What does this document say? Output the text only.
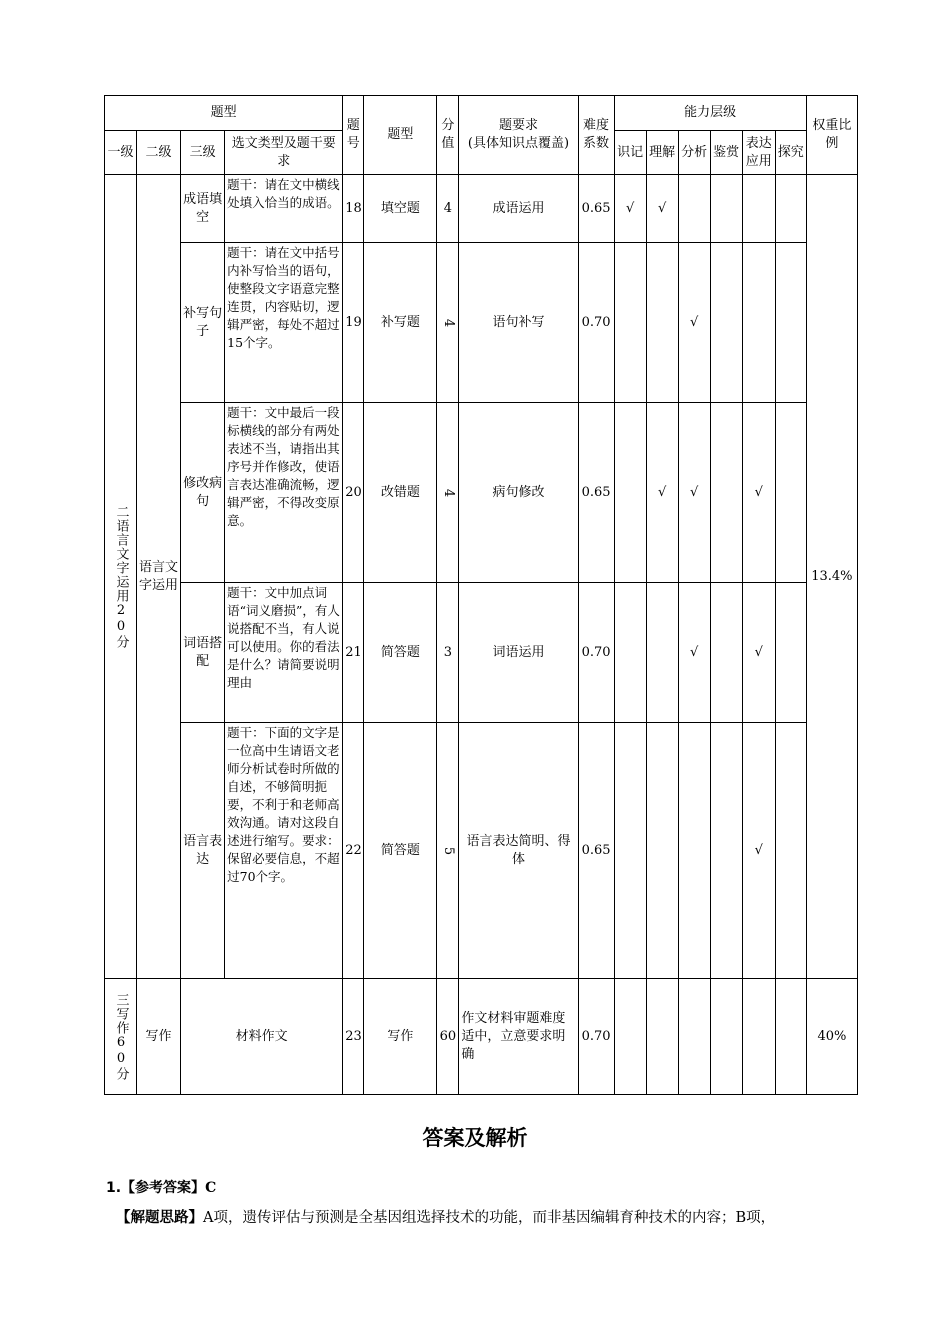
题型				题号	题型	分值	题要求
(具体知识点覆盖)	难度系数	能力层级						权重比例
一级	二级	三级	选文类型及题干要求						识记	理解	分析	鉴赏	表达应用	探究	
二语言文字运用20分	语言文字运用	成语填空	题干：请在文中横线处填入恰当的成语。	18	填空题	4	成语运用	0.65	√	√					13.4%
		补写句子	题干：请在文中括号内补写恰当的语句，使整段文字语意完整连贯，内容贴切，逻辑严密，每处不超过15个字。	19	补写题	4	语句补写	0.70			√				
		修改病句	题干：文中最后一段标横线的部分有两处表述不当，请指出其序号并作修改，使语言表达准确流畅，逻辑严密，不得改变原意。	20	改错题	4	病句修改	0.65		√	√		√		
		词语搭配	题干：文中加点词语“词义磨损”，有人说搭配不当，有人说可以使用。你的看法是什么？请简要说明理由	21	简答题	3	词语运用	0.70			√		√		
		语言表达	题干：下面的文字是一位高中生请语文老师分析试卷时所做的自述，不够简明扼要，不利于和老师高效沟通。请对这段自述进行缩写。要求：保留必要信息，不超过70个字。	22	简答题	5	语言表达简明、得体	0.65					√		
三写作60分	写作	材料作文		23	写作	60	作文材料审题难度适中，立意要求明确	0.70							40%
答案及解析
1.【参考答案】C
【解题思路】A项，遗传评估与预测是全基因组选择技术的功能，而非基因编辑育种技术的内容；B项，
